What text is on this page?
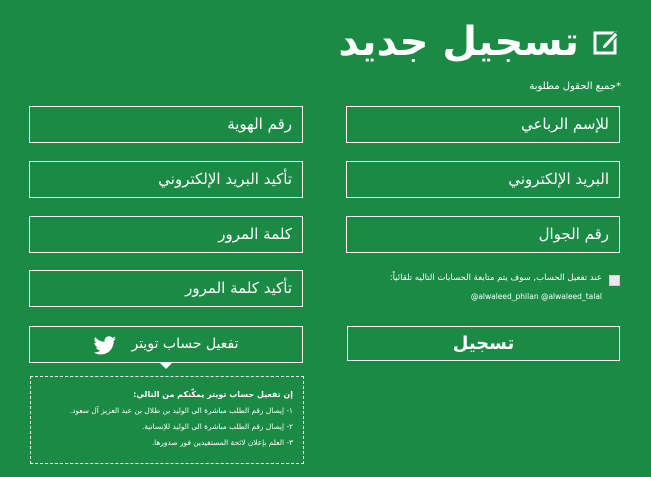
تسجيل جديد
*جميع الحقول مطلوبة
للإسم الرباعي
رقم الهوية
البريد الإلكتروني
تأكيد البريد الإلكتروني
رقم الجوال
كلمة المرور
تأكيد كلمة المرور
عند تفعيل الحساب, سوف يتم متابعة الحسابات التاليه تلقائياً:
@alwaleed_philan @alwaleed_talal
تسجيل
تفعيل حساب تويتر
إن تفعيل حساب تويتر يمكّنكم من التالي:
١- إيصال رقم الطلب مباشرة الى الوليد بن طلال بن عبد العزيز آل سعود.
٢- إيصال رقم الطلب مباشرة الى الوليد للإنسانية.
٣- العلم بإعلان لائحة المستفيدين فور صدورها.
